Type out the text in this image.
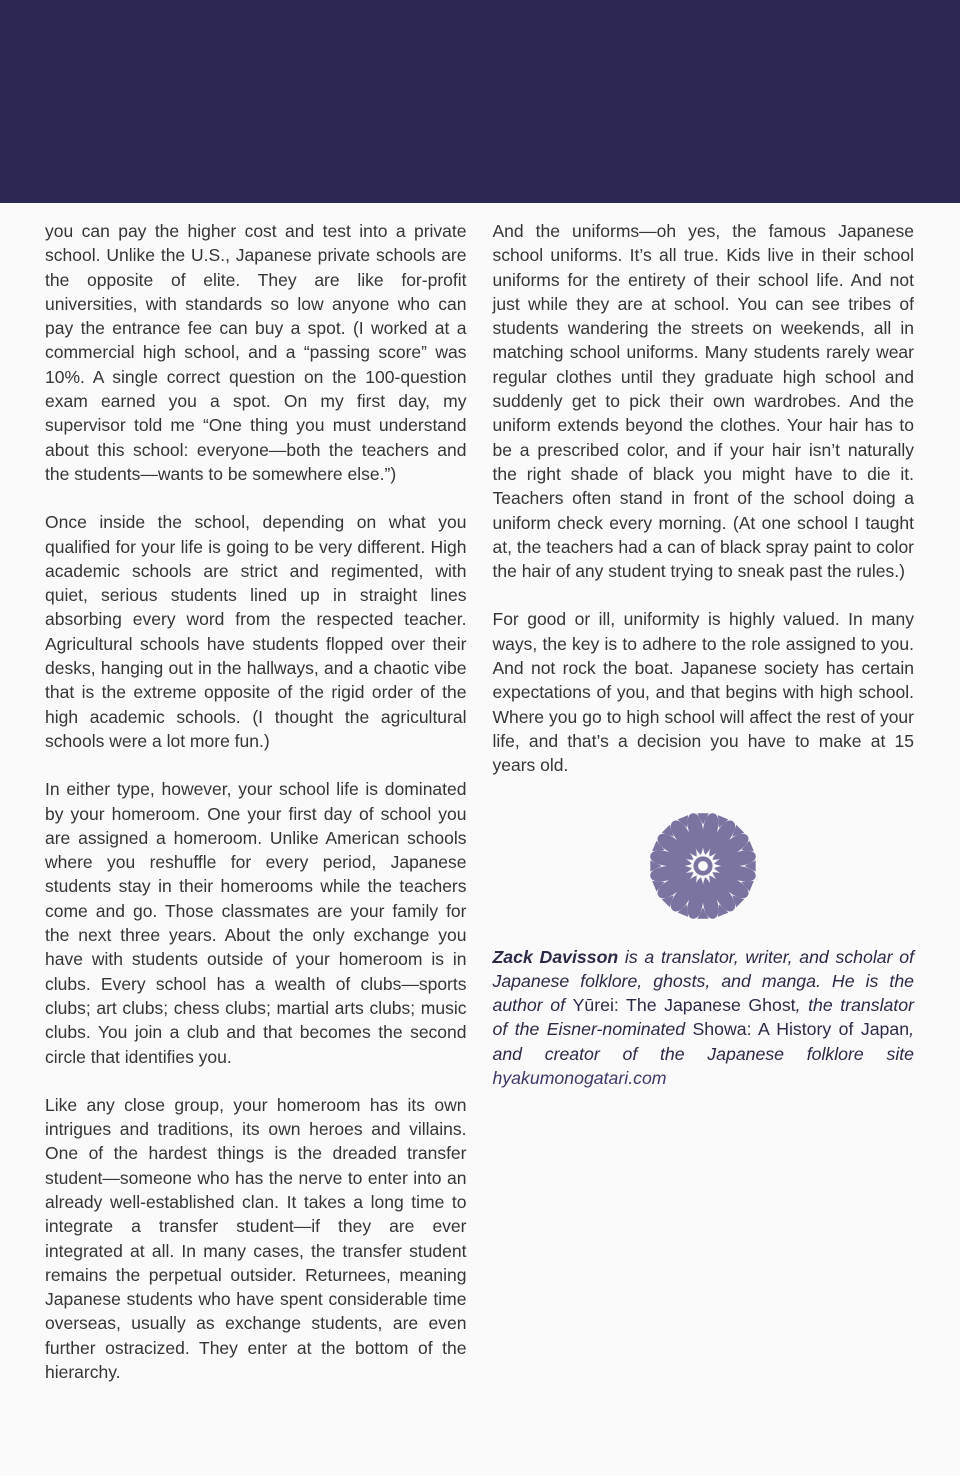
you can pay the higher cost and test into a private school. Unlike the U.S., Japanese private schools are the opposite of elite. They are like for-profit universities, with standards so low anyone who can pay the entrance fee can buy a spot. (I worked at a commercial high school, and a “passing score” was 10%. A single correct question on the 100-question exam earned you a spot. On my first day, my supervisor told me “One thing you must understand about this school: everyone—both the teachers and the students—wants to be somewhere else.”)

Once inside the school, depending on what you qualified for your life is going to be very different. High academic schools are strict and regimented, with quiet, serious students lined up in straight lines absorbing every word from the respected teacher. Agricultural schools have students flopped over their desks, hanging out in the hallways, and a chaotic vibe that is the extreme opposite of the rigid order of the high academic schools. (I thought the agricultural schools were a lot more fun.)

In either type, however, your school life is dominated by your homeroom. One your first day of school you are assigned a homeroom. Unlike American schools where you reshuffle for every period, Japanese students stay in their homerooms while the teachers come and go. Those classmates are your family for the next three years. About the only exchange you have with students outside of your homeroom is in clubs. Every school has a wealth of clubs—sports clubs; art clubs; chess clubs; martial arts clubs; music clubs. You join a club and that becomes the second circle that identifies you.

Like any close group, your homeroom has its own intrigues and traditions, its own heroes and villains. One of the hardest things is the dreaded transfer student—someone who has the nerve to enter into an already well-established clan. It takes a long time to integrate a transfer student—if they are ever integrated at all. In many cases, the transfer student remains the perpetual outsider. Returnees, meaning Japanese students who have spent considerable time overseas, usually as exchange students, are even further ostracized. They enter at the bottom of the hierarchy.

And the uniforms—oh yes, the famous Japanese school uniforms. It’s all true. Kids live in their school uniforms for the entirety of their school life. And not just while they are at school. You can see tribes of students wandering the streets on weekends, all in matching school uniforms. Many students rarely wear regular clothes until they graduate high school and suddenly get to pick their own wardrobes. And the uniform extends beyond the clothes. Your hair has to be a prescribed color, and if your hair isn’t naturally the right shade of black you might have to die it. Teachers often stand in front of the school doing a uniform check every morning. (At one school I taught at, the teachers had a can of black spray paint to color the hair of any student trying to sneak past the rules.)

For good or ill, uniformity is highly valued. In many ways, the key is to adhere to the role assigned to you. And not rock the boat. Japanese society has certain expectations of you, and that begins with high school. Where you go to high school will affect the rest of your life, and that’s a decision you have to make at 15 years old.

Zack Davisson is a translator, writer, and scholar of Japanese folklore, ghosts, and manga. He is the author of Yūrei: The Japanese Ghost, the translator of the Eisner-nominated Showa: A History of Japan, and creator of the Japanese folklore site hyakumonogatari.com
